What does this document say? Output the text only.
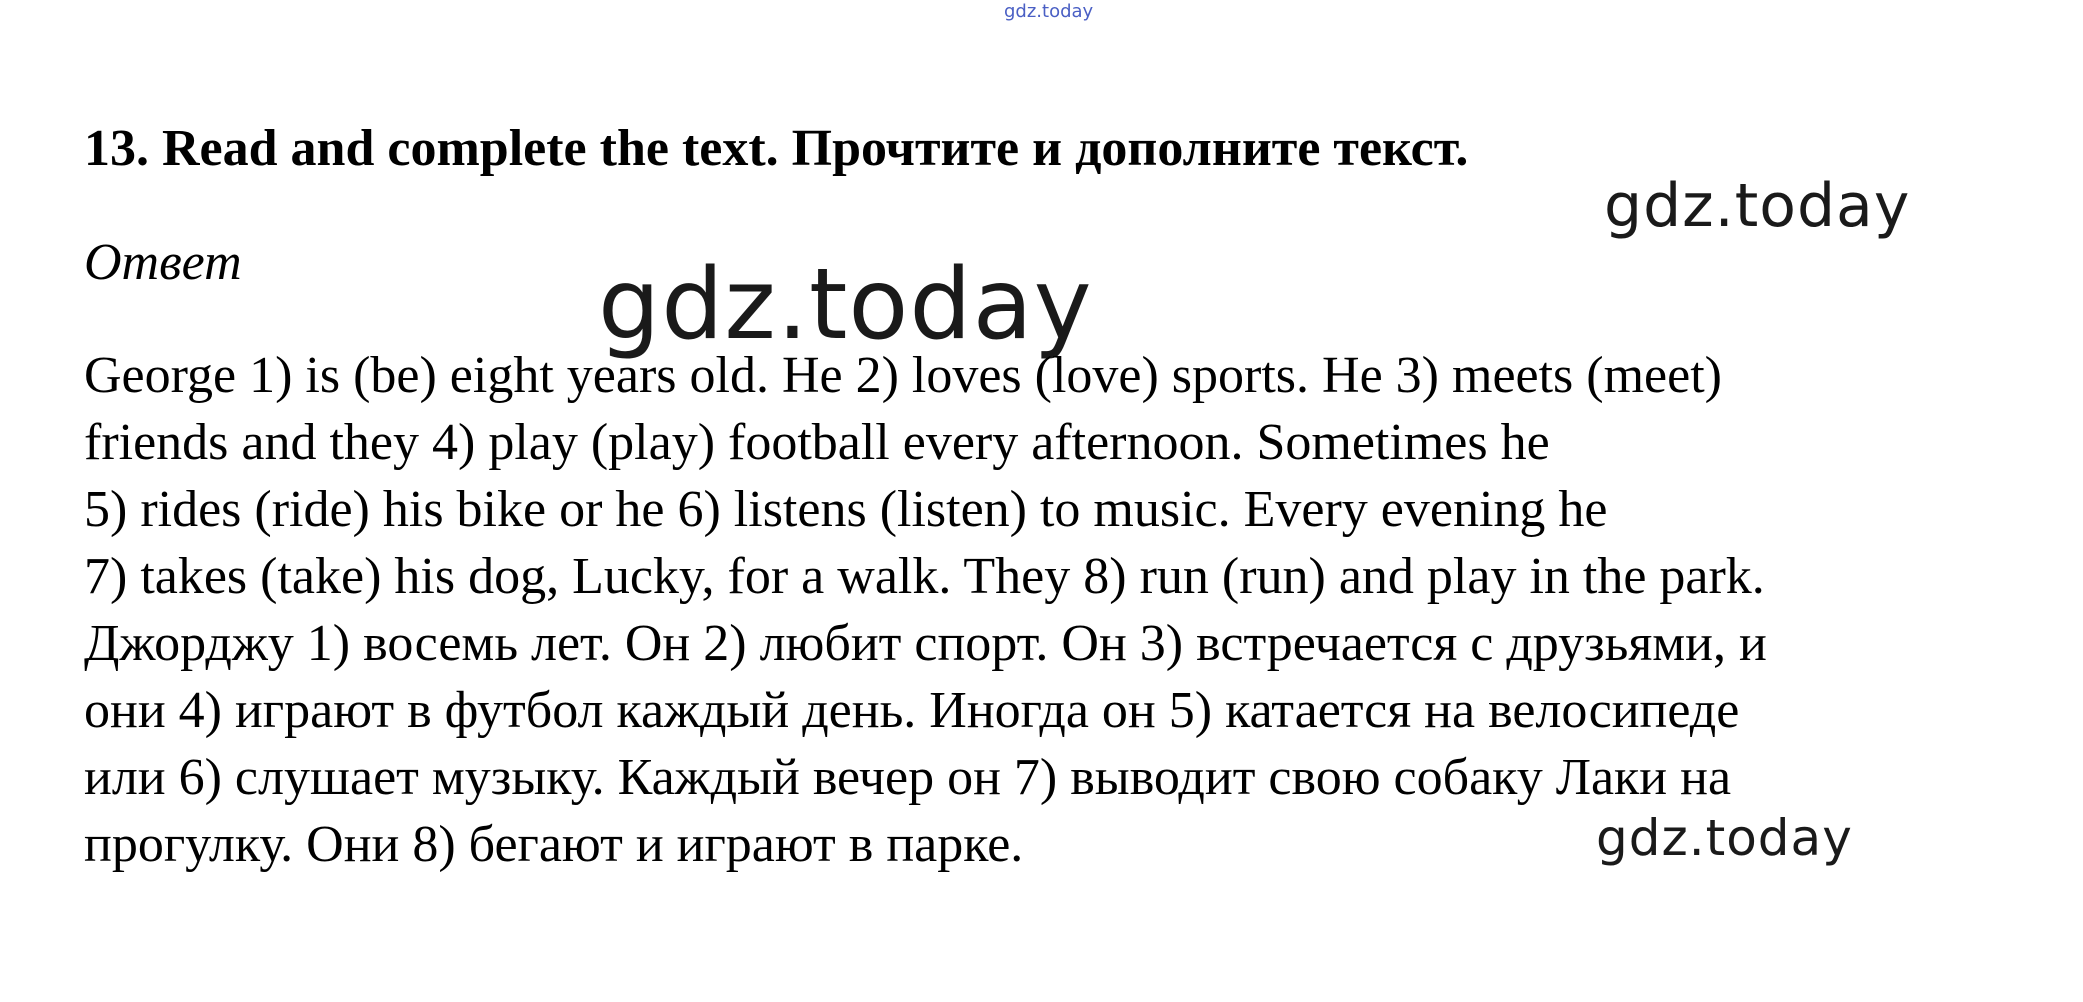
gdz.today
13. Read and complete the text. Прочтите и дополните текст.
Ответ
gdz.today
gdz.today
gdz.today
George 1) is (be) eight years old. He 2) loves (love) sports. He 3) meets (meet)
friends and they 4) play (play) football every afternoon. Sometimes he
5) rides (ride) his bike or he 6) listens (listen) to music. Every evening he
7) takes (take) his dog, Lucky, for a walk. They 8) run (run) and play in the park.
Джорджу 1) восемь лет. Он 2) любит спорт. Он 3) встречается с друзьями, и
они 4) играют в футбол каждый день. Иногда он 5) катается на велосипеде
или 6) слушает музыку. Каждый вечер он 7) выводит свою собаку Лаки на
прогулку. Они 8) бегают и играют в парке.
